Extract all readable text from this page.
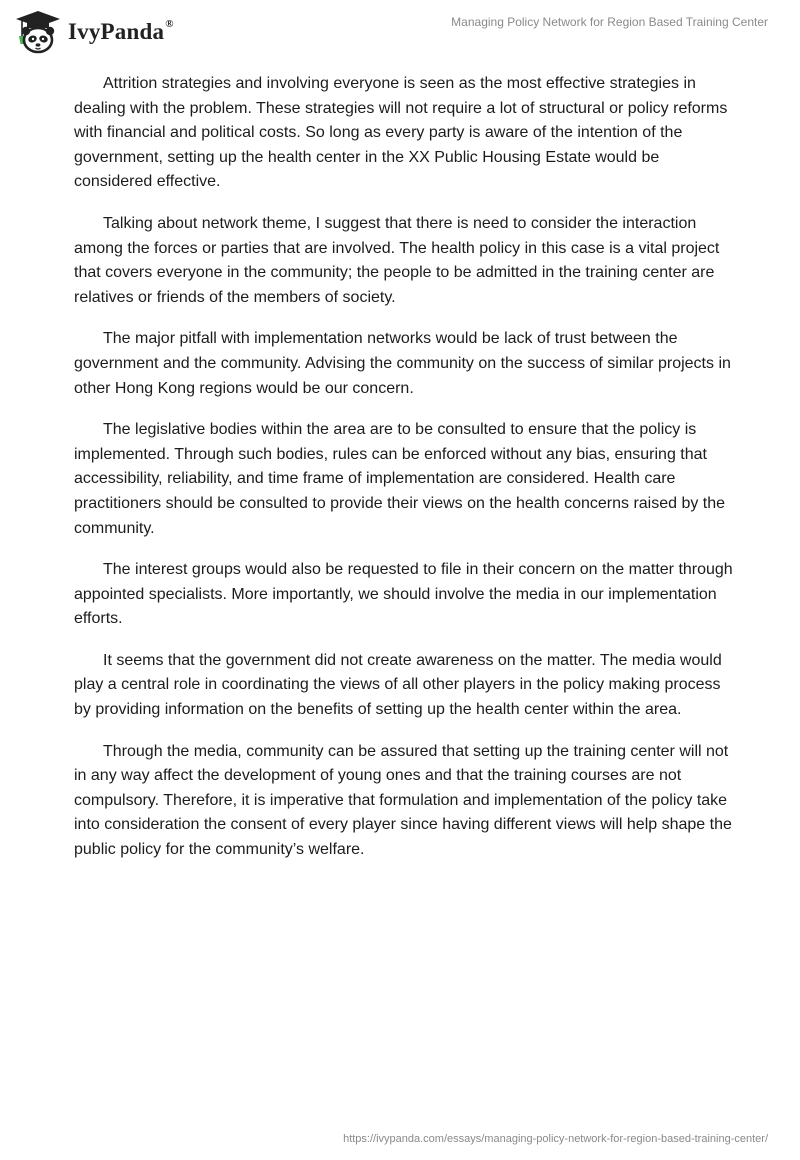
IvyPanda®	Managing Policy Network for Region Based Training Center

Attrition strategies and involving everyone is seen as the most effective strategies in dealing with the problem. These strategies will not require a lot of structural or policy reforms with financial and political costs. So long as every party is aware of the intention of the government, setting up the health center in the XX Public Housing Estate would be considered effective.

Talking about network theme, I suggest that there is need to consider the interaction among the forces or parties that are involved. The health policy in this case is a vital project that covers everyone in the community; the people to be admitted in the training center are relatives or friends of the members of society.

The major pitfall with implementation networks would be lack of trust between the government and the community. Advising the community on the success of similar projects in other Hong Kong regions would be our concern.

The legislative bodies within the area are to be consulted to ensure that the policy is implemented. Through such bodies, rules can be enforced without any bias, ensuring that accessibility, reliability, and time frame of implementation are considered. Health care practitioners should be consulted to provide their views on the health concerns raised by the community.

The interest groups would also be requested to file in their concern on the matter through appointed specialists. More importantly, we should involve the media in our implementation efforts.

It seems that the government did not create awareness on the matter. The media would play a central role in coordinating the views of all other players in the policy making process by providing information on the benefits of setting up the health center within the area.

Through the media, community can be assured that setting up the training center will not in any way affect the development of young ones and that the training courses are not compulsory. Therefore, it is imperative that formulation and implementation of the policy take into consideration the consent of every player since having different views will help shape the public policy for the community’s welfare.

https://ivypanda.com/essays/managing-policy-network-for-region-based-training-center/
